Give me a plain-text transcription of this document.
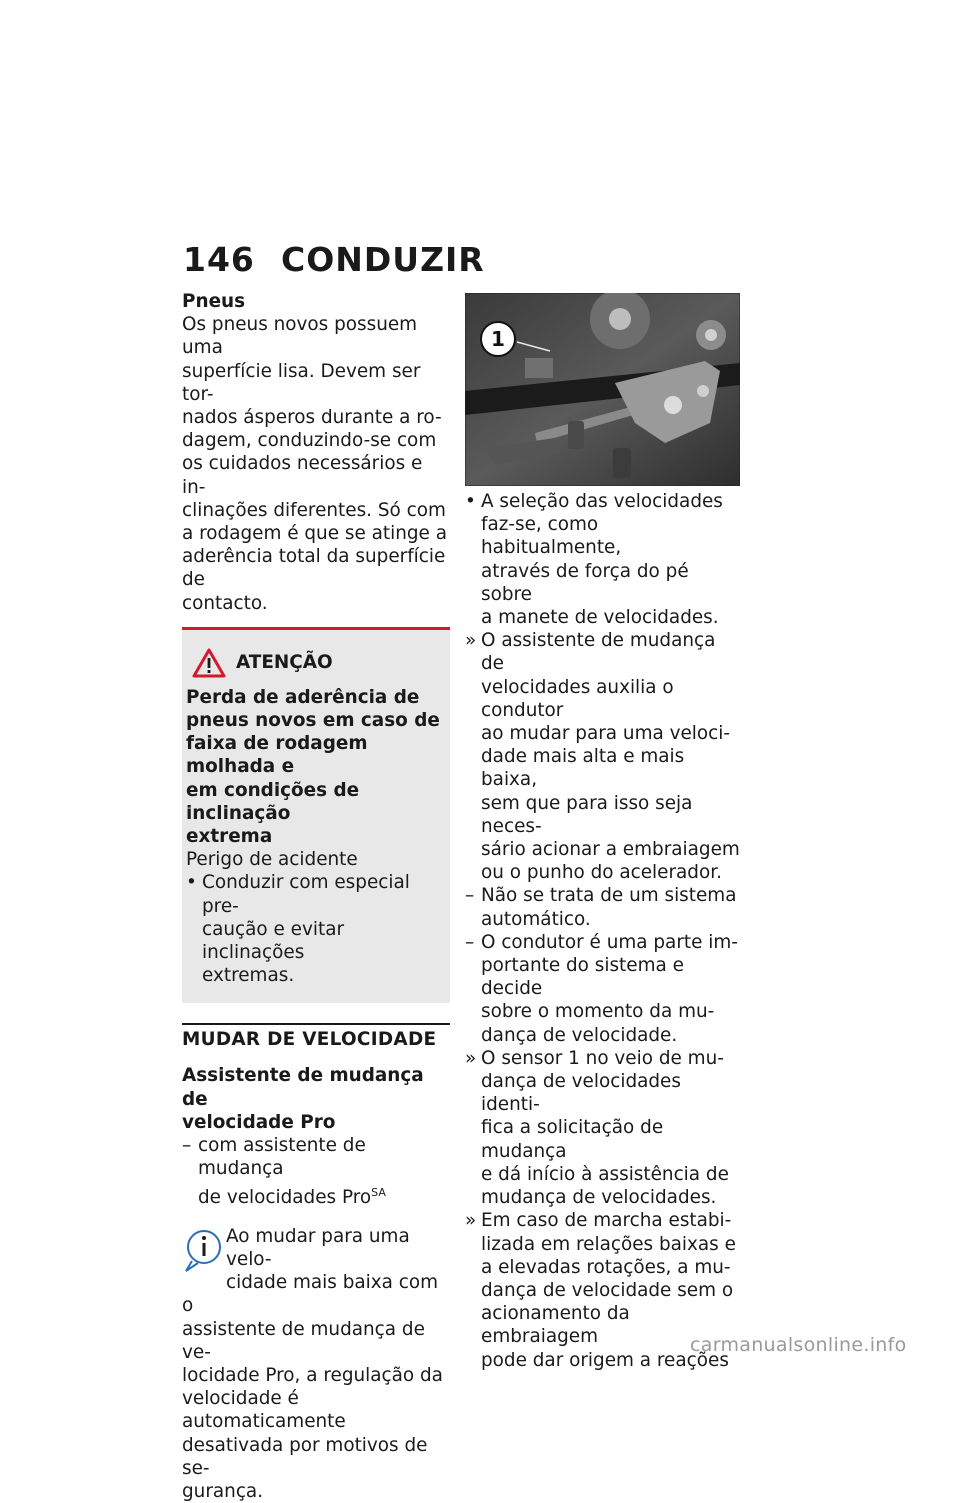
146 CONDUZIR

Pneus

Os pneus novos possuem uma
superfície lisa. Devem ser tor-
nados ásperos durante a ro-
dagem, conduzindo-se com
os cuidados necessários e in-
clinações diferentes. Só com
a rodagem é que se atinge a
aderência total da superfície de
contacto.
ATENÇÃO

Perda de aderência de

pneus novos em caso de

faixa de rodagem molhada e

em condições de inclinação

extrema

Perigo de acidente

• Conduzir com especial pre-
caução e evitar inclinações
extremas.
MUDAR DE VELOCIDADE

Assistente de mudança de

velocidade Pro

– com assistente de mudança
de velocidades Pro$^{SA}$
Ao mudar para uma velo-
cidade mais baixa com o
assistente de mudança de ve-
locidade Pro, a regulação da
velocidade é automaticamente
desativada por motivos de se-
gurança.
1
• A seleção das velocidades
faz-se, como habitualmente,
através de força do pé sobre
a manete de velocidades.
» O assistente de mudança de
velocidades auxilia o condutor
ao mudar para uma veloci-
dade mais alta e mais baixa,
sem que para isso seja neces-
sário acionar a embraiagem
ou o punho do acelerador.
– Não se trata de um sistema
automático.
– O condutor é uma parte im-
portante do sistema e decide
sobre o momento da mu-
dança de velocidade.
» O sensor 1 no veio de mu-
dança de velocidades identi-
fica a solicitação de mudança
e dá início à assistência de
mudança de velocidades.
» Em caso de marcha estabi-
lizada em relações baixas e
a elevadas rotações, a mu-
dança de velocidade sem o
acionamento da embraiagem
pode dar origem a reações
carmanualsonline.info
